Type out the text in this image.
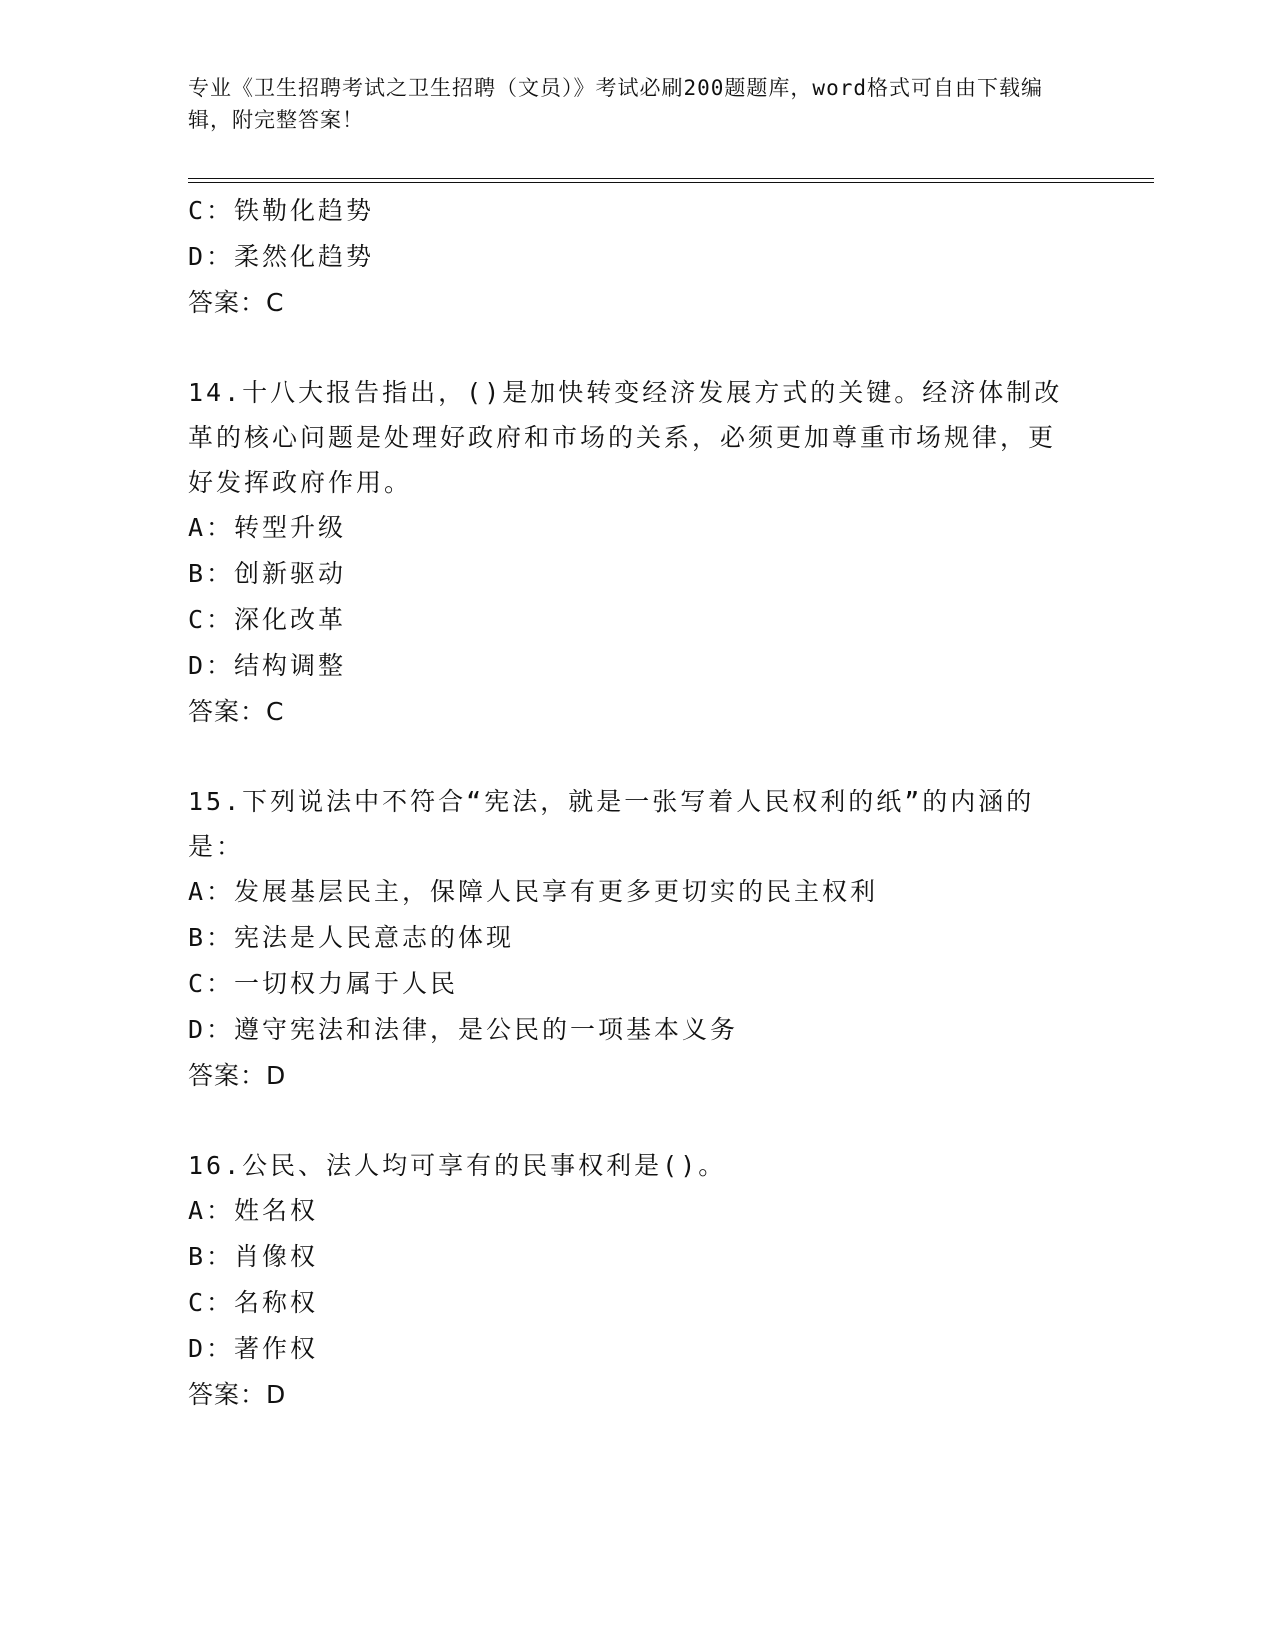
专业《卫生招聘考试之卫生招聘（文员）》考试必刷200题题库，word格式可自由下载编辑，附完整答案！
C：铁勒化趋势
D：柔然化趋势
答案：C
14.十八大报告指出，()是加快转变经济发展方式的关键。经济体制改革的核心问题是处理好政府和市场的关系，必须更加尊重市场规律，更好发挥政府作用。
A：转型升级
B：创新驱动
C：深化改革
D：结构调整
答案：C
15.下列说法中不符合“宪法，就是一张写着人民权利的纸”的内涵的是：
A：发展基层民主，保障人民享有更多更切实的民主权利
B：宪法是人民意志的体现
C：一切权力属于人民
D：遵守宪法和法律，是公民的一项基本义务
答案：D
16.公民、法人均可享有的民事权利是()。
A：姓名权
B：肖像权
C：名称权
D：著作权
答案：D
